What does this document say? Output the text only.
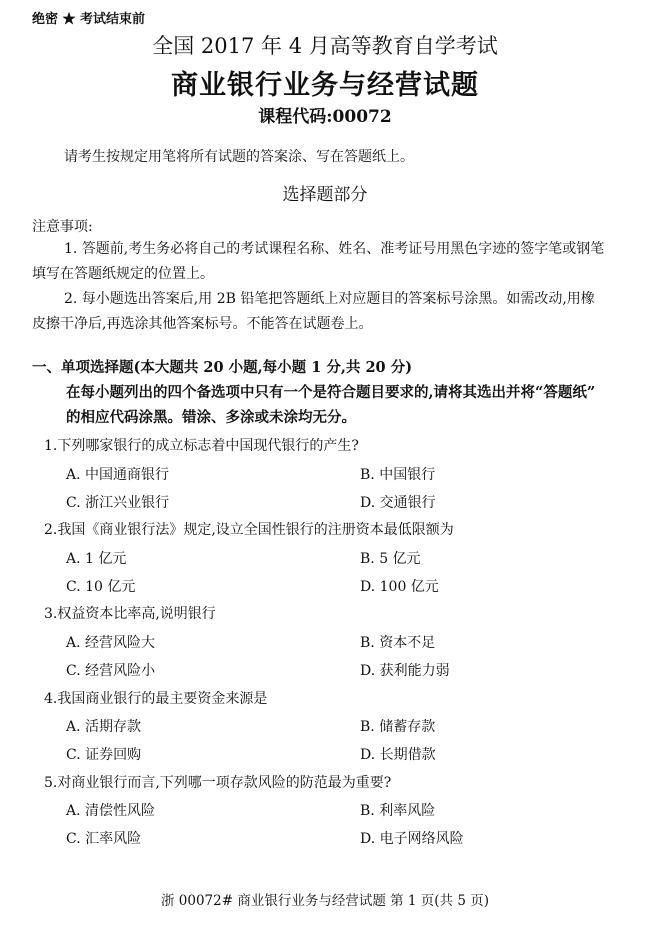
绝密 ★ 考试结束前
全国 2017 年 4 月高等教育自学考试
商业银行业务与经营试题
课程代码:00072
请考生按规定用笔将所有试题的答案涂、写在答题纸上。
选择题部分
注意事项:
1. 答题前,考生务必将自己的考试课程名称、姓名、准考证号用黑色字迹的签字笔或钢笔
填写在答题纸规定的位置上。
2. 每小题选出答案后,用 2B 铅笔把答题纸上对应题目的答案标号涂黑。如需改动,用橡
皮擦干净后,再选涂其他答案标号。不能答在试题卷上。
一、单项选择题(本大题共 20 小题,每小题 1 分,共 20 分)
在每小题列出的四个备选项中只有一个是符合题目要求的,请将其选出并将“答题纸”
的相应代码涂黑。错涂、多涂或未涂均无分。
1.下列哪家银行的成立标志着中国现代银行的产生?
A. 中国通商银行	B. 中国银行
C. 浙江兴业银行	D. 交通银行
2.我国《商业银行法》规定,设立全国性银行的注册资本最低限额为
A. 1 亿元	B. 5 亿元
C. 10 亿元	D. 100 亿元
3.权益资本比率高,说明银行
A. 经营风险大	B. 资本不足
C. 经营风险小	D. 获利能力弱
4.我国商业银行的最主要资金来源是
A. 活期存款	B. 储蓄存款
C. 证券回购	D. 长期借款
5.对商业银行而言,下列哪一项存款风险的防范最为重要?
A. 清偿性风险	B. 利率风险
C. 汇率风险	D. 电子网络风险
浙 00072# 商业银行业务与经营试题 第 1 页(共 5 页)
